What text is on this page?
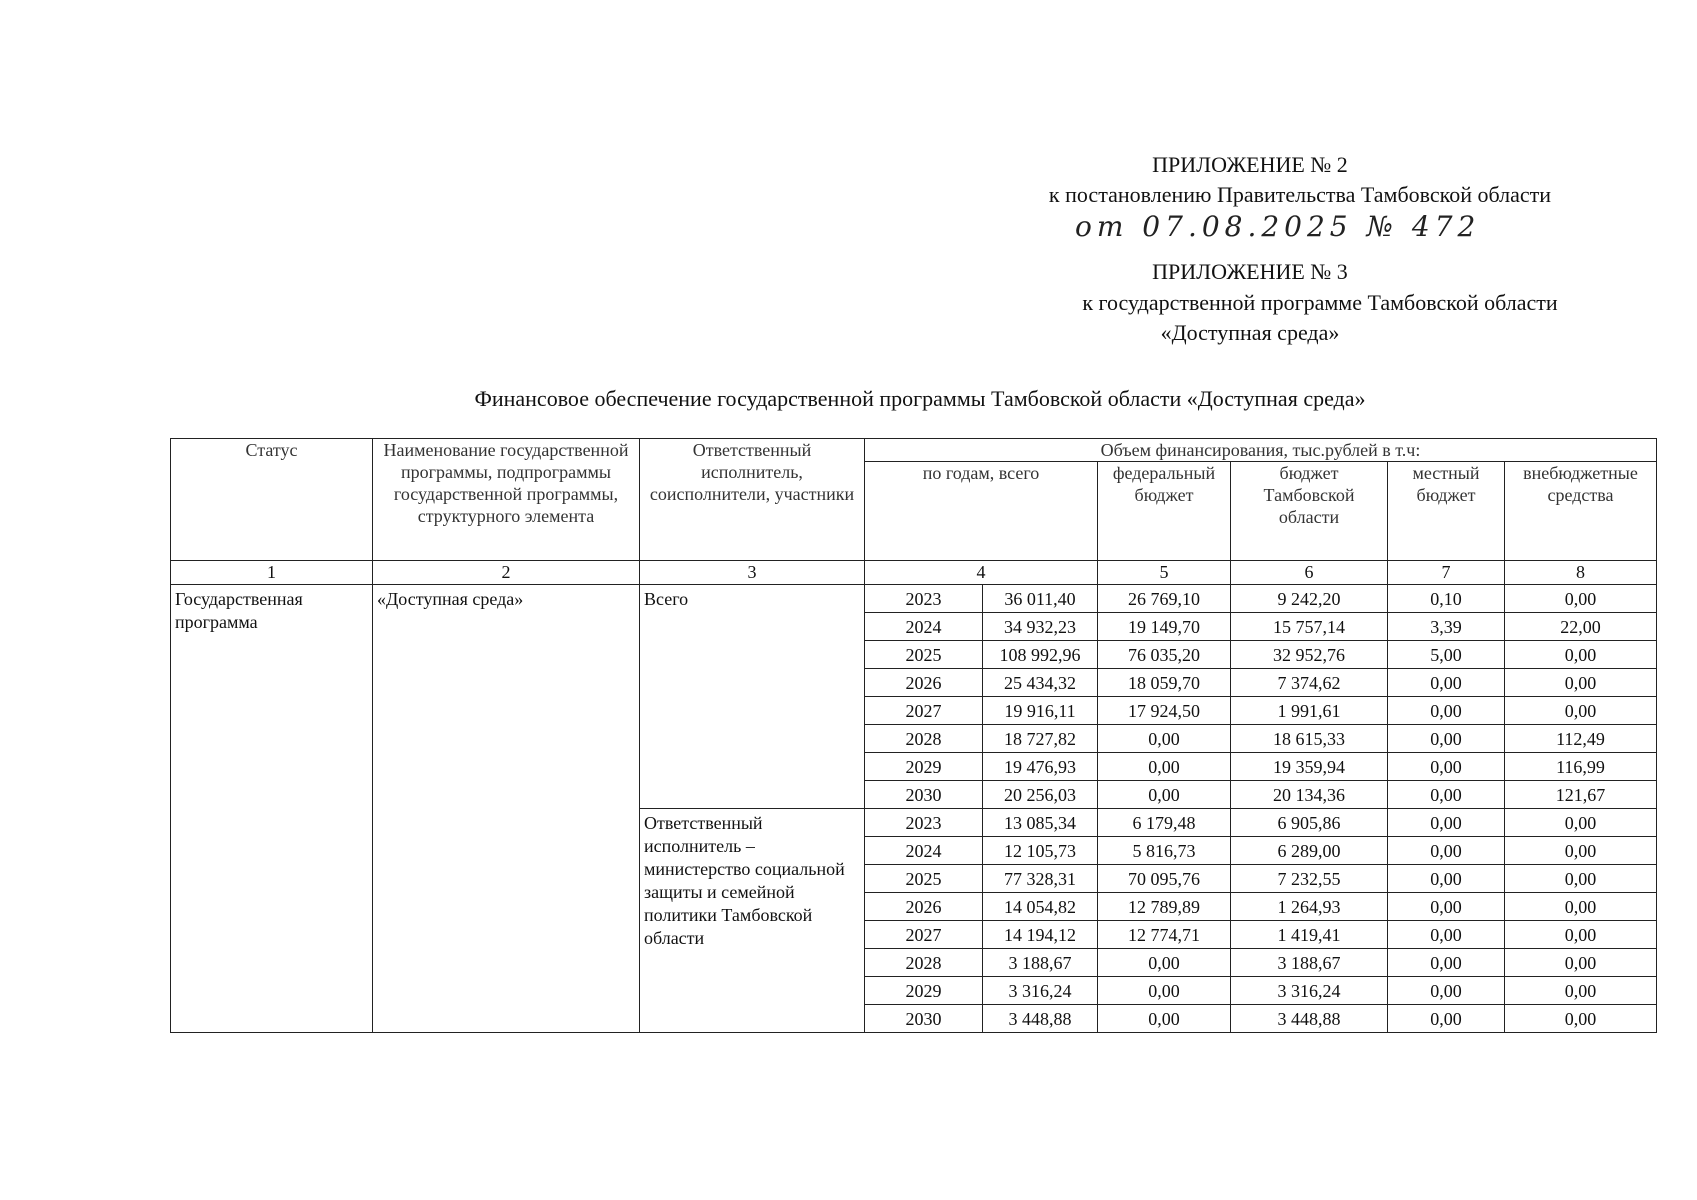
ПРИЛОЖЕНИЕ № 2
к постановлению Правительства Тамбовской области
от 07.08.2025 № 472
ПРИЛОЖЕНИЕ № 3
к государственной программе Тамбовской области
«Доступная среда»
Финансовое обеспечение государственной программы Тамбовской области «Доступная среда»
Статус	Наименование государственной программы, подпрограммы государственной программы, структурного элемента	Ответственный исполнитель, соисполнители, участники	Объем финансирования, тыс.рублей в т.ч:					
			по годам, всего		федеральный бюджет	бюджет Тамбовской области	местный бюджет	внебюджетные средства
1	2	3	4		5	6	7	8
Государственная программа	«Доступная среда»	Всего	2023	36 011,40	26 769,10	9 242,20	0,10	0,00
			2024	34 932,23	19 149,70	15 757,14	3,39	22,00
			2025	108 992,96	76 035,20	32 952,76	5,00	0,00
			2026	25 434,32	18 059,70	7 374,62	0,00	0,00
			2027	19 916,11	17 924,50	1 991,61	0,00	0,00
			2028	18 727,82	0,00	18 615,33	0,00	112,49
			2029	19 476,93	0,00	19 359,94	0,00	116,99
			2030	20 256,03	0,00	20 134,36	0,00	121,67
		Ответственный исполнитель – министерство социальной защиты и семейной политики Тамбовской области	2023	13 085,34	6 179,48	6 905,86	0,00	0,00
			2024	12 105,73	5 816,73	6 289,00	0,00	0,00
			2025	77 328,31	70 095,76	7 232,55	0,00	0,00
			2026	14 054,82	12 789,89	1 264,93	0,00	0,00
			2027	14 194,12	12 774,71	1 419,41	0,00	0,00
			2028	3 188,67	0,00	3 188,67	0,00	0,00
			2029	3 316,24	0,00	3 316,24	0,00	0,00
			2030	3 448,88	0,00	3 448,88	0,00	0,00
